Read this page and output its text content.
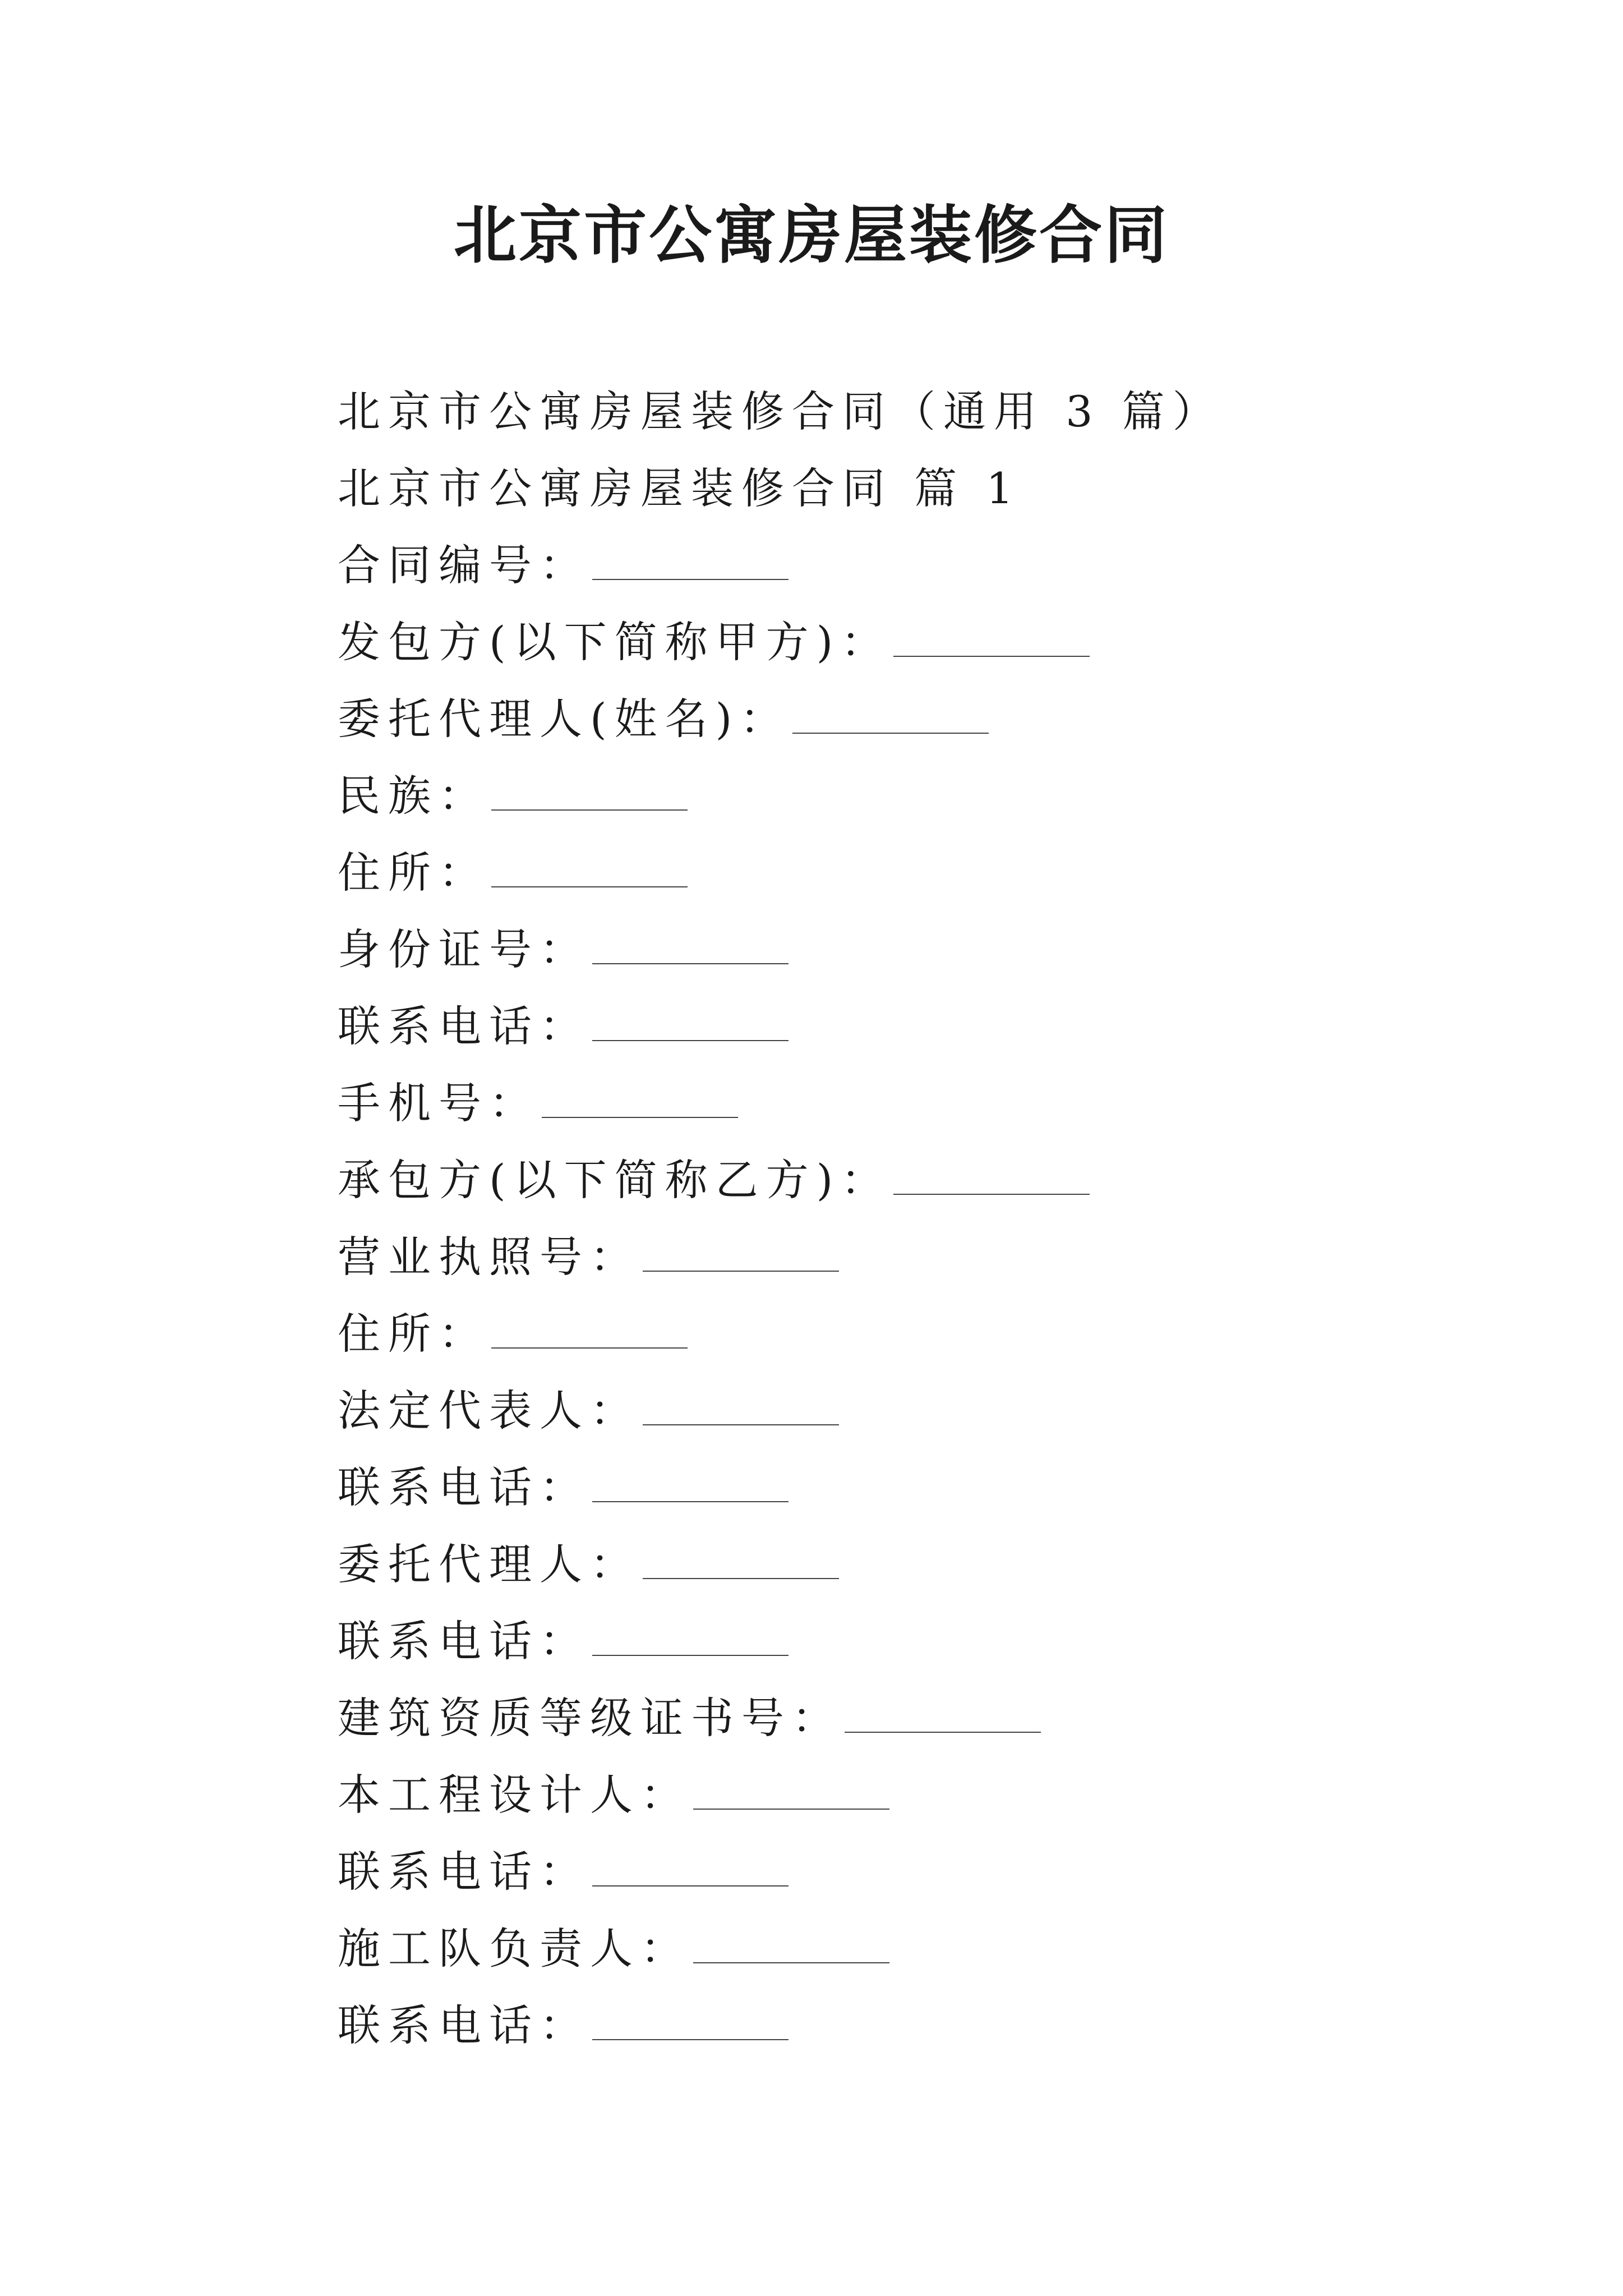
北京市公寓房屋装修合同
北京市公寓房屋装修合同（通用 3 篇）
北京市公寓房屋装修合同 篇 1
合同编号：
发包方(以下简称甲方)：
委托代理人(姓名)：
民族：
住所：
身份证号：
联系电话：
手机号：
承包方(以下简称乙方)：
营业执照号：
住所：
法定代表人：
联系电话：
委托代理人：
联系电话：
建筑资质等级证书号：
本工程设计人：
联系电话：
施工队负责人：
联系电话：
